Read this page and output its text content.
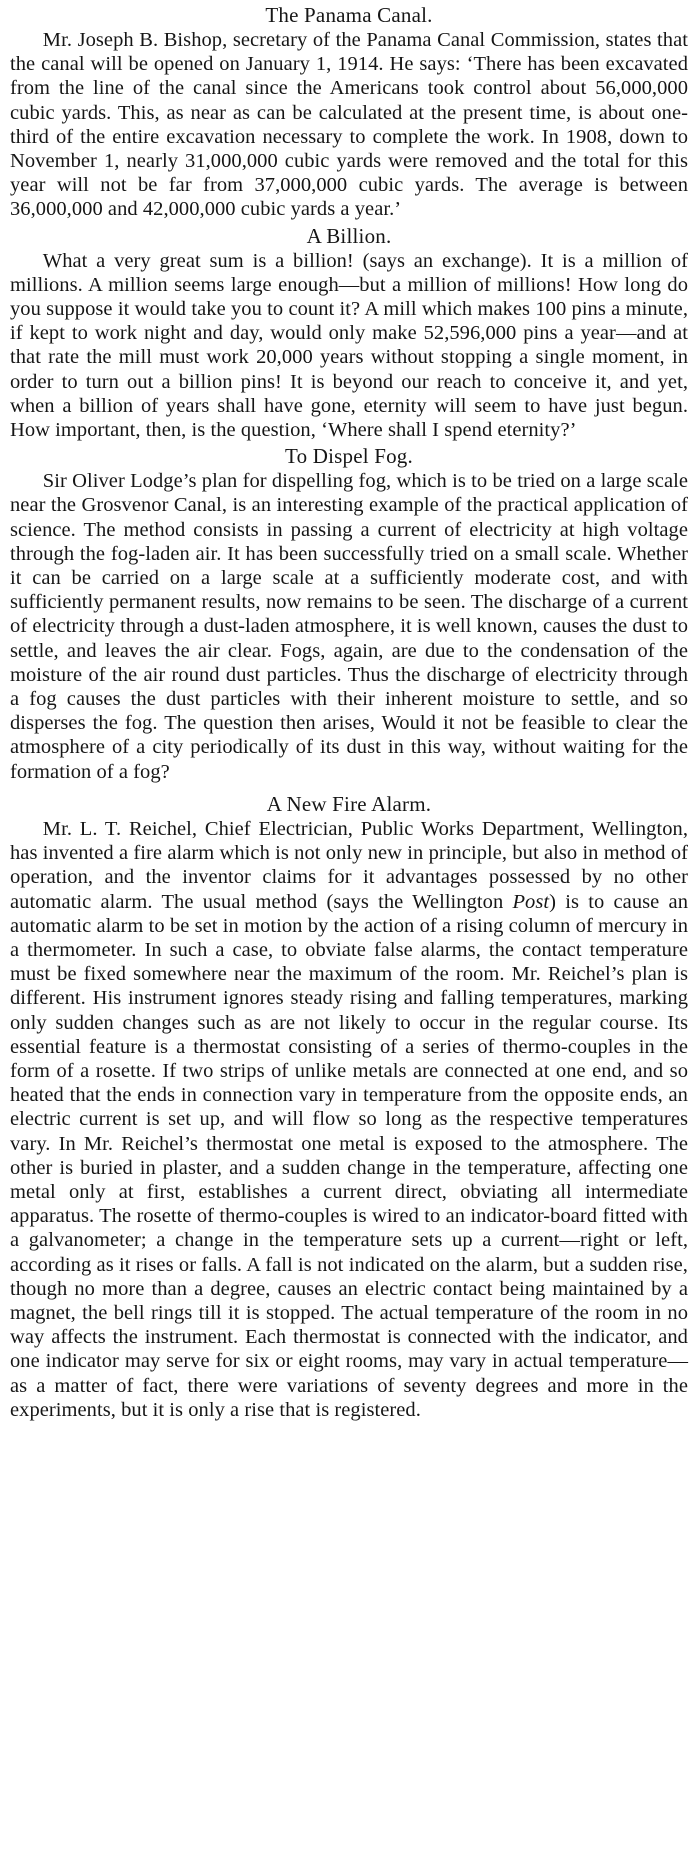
The Panama Canal.

Mr. Joseph B. Bishop, secretary of the Panama Canal Commission, states that the canal will be opened on January 1, 1914. He says: ‘There has been excavated from the line of the canal since the Americans took control about 56,000,000 cubic yards. This, as near as can be calculated at the present time, is about one-third of the entire excavation necessary to complete the work. In 1908, down to November 1, nearly 31,000,000 cubic yards were removed and the total for this year will not be far from 37,000,000 cubic yards. The average is between 36,000,000 and 42,000,000 cubic yards a year.’

A Billion.

What a very great sum is a billion! (says an exchange). It is a million of millions. A million seems large enough—but a million of millions! How long do you suppose it would take you to count it? A mill which makes 100 pins a minute, if kept to work night and day, would only make 52,596,000 pins a year—and at that rate the mill must work 20,000 years without stopping a single moment, in order to turn out a billion pins! It is beyond our reach to conceive it, and yet, when a billion of years shall have gone, eternity will seem to have just begun. How important, then, is the question, ‘Where shall I spend eternity?’

To Dispel Fog.

Sir Oliver Lodge’s plan for dispelling fog, which is to be tried on a large scale near the Grosvenor Canal, is an interesting example of the practical application of science. The method consists in passing a current of electricity at high voltage through the fog-laden air. It has been successfully tried on a small scale. Whether it can be carried on a large scale at a sufficiently moderate cost, and with sufficiently permanent results, now remains to be seen. The discharge of a current of electricity through a dust-laden atmosphere, it is well known, causes the dust to settle, and leaves the air clear. Fogs, again, are due to the condensation of the moisture of the air round dust particles. Thus the discharge of electricity through a fog causes the dust particles with their inherent moisture to settle, and so disperses the fog. The question then arises, Would it not be feasible to clear the atmosphere of a city periodically of its dust in this way, without waiting for the formation of a fog?

A New Fire Alarm.

Mr. L. T. Reichel, Chief Electrician, Public Works Department, Wellington, has invented a fire alarm which is not only new in principle, but also in method of operation, and the inventor claims for it advantages possessed by no other automatic alarm. The usual method (says the Wellington Post) is to cause an automatic alarm to be set in motion by the action of a rising column of mercury in a thermometer. In such a case, to obviate false alarms, the contact temperature must be fixed somewhere near the maximum of the room. Mr. Reichel’s plan is different. His instrument ignores steady rising and falling temperatures, marking only sudden changes such as are not likely to occur in the regular course. Its essential feature is a thermostat consisting of a series of thermo-couples in the form of a rosette. If two strips of unlike metals are connected at one end, and so heated that the ends in connection vary in temperature from the opposite ends, an electric current is set up, and will flow so long as the respective temperatures vary. In Mr. Reichel’s thermostat one metal is exposed to the atmosphere. The other is buried in plaster, and a sudden change in the temperature, affecting one metal only at first, establishes a current direct, obviating all intermediate apparatus. The rosette of thermo-couples is wired to an indicator-board fitted with a galvanometer; a change in the temperature sets up a current—right or left, according as it rises or falls. A fall is not indicated on the alarm, but a sudden rise, though no more than a degree, causes an electric contact being maintained by a magnet, the bell rings till it is stopped. The actual temperature of the room in no way affects the instrument. Each thermostat is connected with the indicator, and one indicator may serve for six or eight rooms, may vary in actual temperature—as a matter of fact, there were variations of seventy degrees and more in the experiments, but it is only a rise that is registered.
